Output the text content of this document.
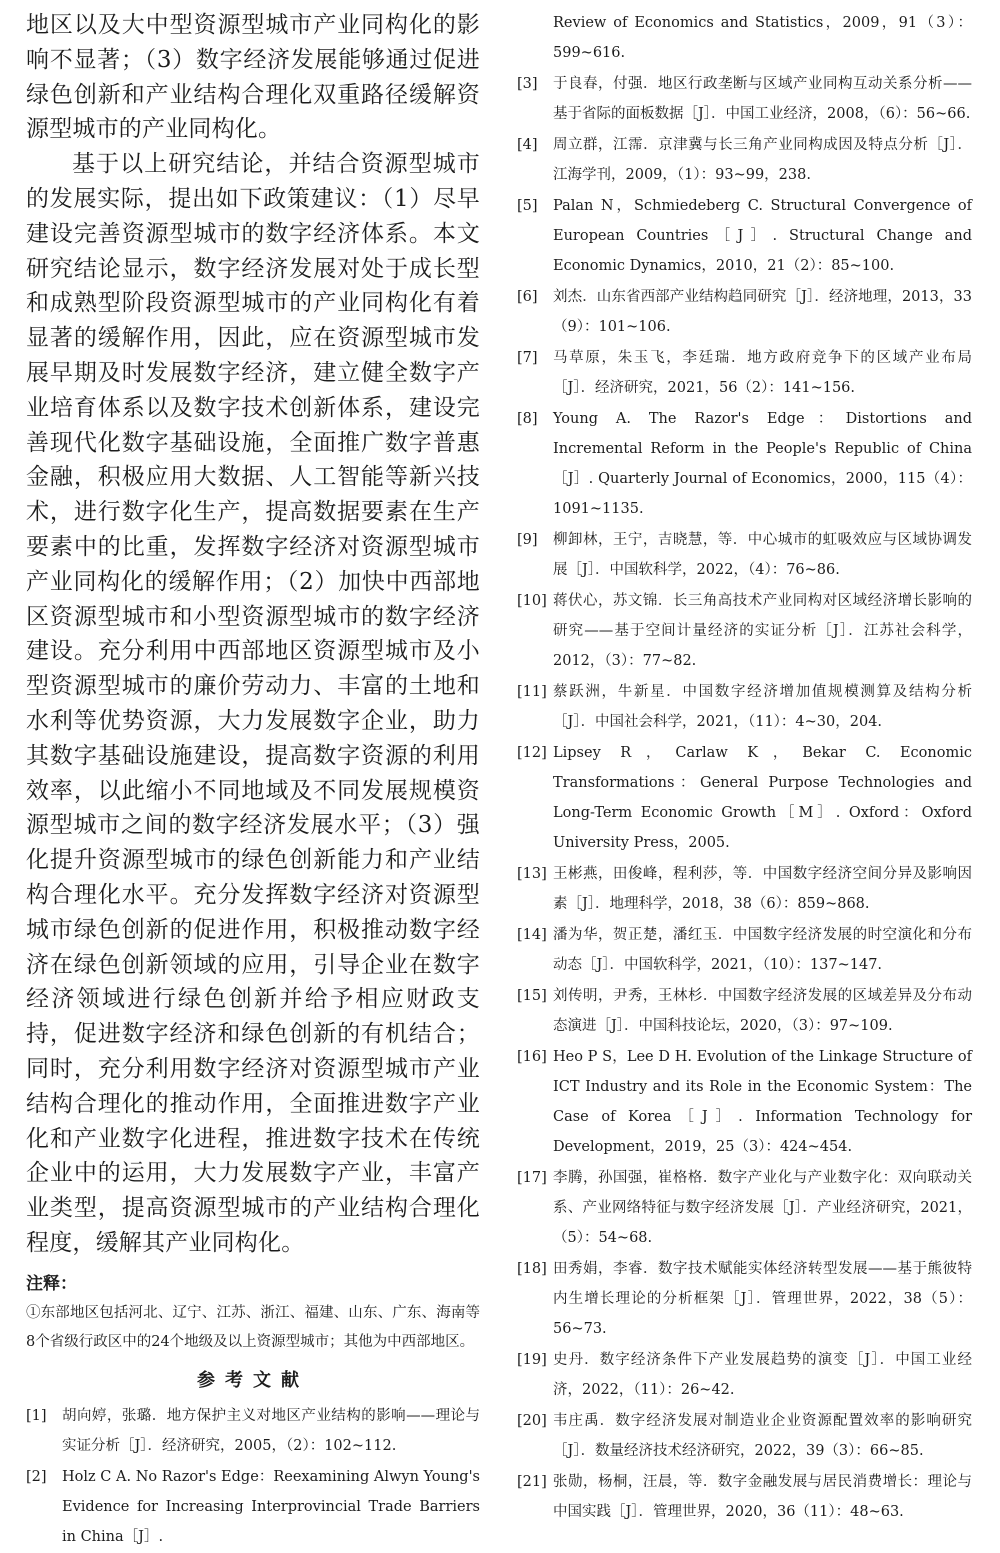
地区以及大中型资源型城市产业同构化的影响不显著；（3）数字经济发展能够通过促进绿色创新和产业结构合理化双重路径缓解资源型城市的产业同构化。

基于以上研究结论，并结合资源型城市的发展实际，提出如下政策建议：（1）尽早建设完善资源型城市的数字经济体系。本文研究结论显示，数字经济发展对处于成长型和成熟型阶段资源型城市的产业同构化有着显著的缓解作用，因此，应在资源型城市发展早期及时发展数字经济，建立健全数字产业培育体系以及数字技术创新体系，建设完善现代化数字基础设施，全面推广数字普惠金融，积极应用大数据、人工智能等新兴技术，进行数字化生产，提高数据要素在生产要素中的比重，发挥数字经济对资源型城市产业同构化的缓解作用；（2）加快中西部地区资源型城市和小型资源型城市的数字经济建设。充分利用中西部地区资源型城市及小型资源型城市的廉价劳动力、丰富的土地和水利等优势资源，大力发展数字企业，助力其数字基础设施建设，提高数字资源的利用效率，以此缩小不同地域及不同发展规模资源型城市之间的数字经济发展水平；（3）强化提升资源型城市的绿色创新能力和产业结构合理化水平。充分发挥数字经济对资源型城市绿色创新的促进作用，积极推动数字经济在绿色创新领域的应用，引导企业在数字经济领域进行绿色创新并给予相应财政支持，促进数字经济和绿色创新的有机结合；同时，充分利用数字经济对资源型城市产业结构合理化的推动作用，全面推进数字产业化和产业数字化进程，推进数字技术在传统企业中的运用，大力发展数字产业，丰富产业类型，提高资源型城市的产业结构合理化程度，缓解其产业同构化。

注释：

①东部地区包括河北、辽宁、江苏、浙江、福建、山东、广东、海南等8个省级行政区中的24个地级及以上资源型城市；其他为中西部地区。

参考文献
[1]	胡向婷，张璐．地方保护主义对地区产业结构的影响——理论与实证分析［J］．经济研究，2005，（2）：102~112.
[2]	Holz C A. No Razor's Edge：Reexamining Alwyn Young's Evidence for Increasing Interprovincial Trade Barriers in China［J］.
Review of Economics and Statistics，2009，91（3）：599~616.
[3]	于良春，付强．地区行政垄断与区域产业同构互动关系分析——基于省际的面板数据［J］．中国工业经济，2008，（6）：56~66.
[4]	周立群，江霈．京津冀与长三角产业同构成因及特点分析［J］．江海学刊，2009，（1）：93~99，238.
[5]	Palan N，Schmiedeberg C. Structural Convergence of European Countries［J］. Structural Change and Economic Dynamics，2010，21（2）：85~100.
[6]	刘杰．山东省西部产业结构趋同研究［J］．经济地理，2013，33（9）：101~106.
[7]	马草原，朱玉飞，李廷瑞．地方政府竞争下的区域产业布局［J］．经济研究，2021，56（2）：141~156.
[8]	Young A. The Razor's Edge：Distortions and Incremental Reform in the People's Republic of China［J］. Quarterly Journal of Economics，2000，115（4）：1091~1135.
[9]	柳卸林，王宁，吉晓慧，等．中心城市的虹吸效应与区域协调发展［J］．中国软科学，2022，（4）：76~86.
[10] 蒋伏心，苏文锦．长三角高技术产业同构对区域经济增长影响的研究——基于空间计量经济的实证分析［J］．江苏社会科学，2012，（3）：77~82.
[11] 蔡跃洲，牛新星．中国数字经济增加值规模测算及结构分析［J］．中国社会科学，2021，（11）：4~30，204.
[12] Lipsey R，Carlaw K，Bekar C. Economic Transformations：General Purpose Technologies and Long-Term Economic Growth［M］. Oxford：Oxford University Press，2005.
[13] 王彬燕，田俊峰，程利莎，等．中国数字经济空间分异及影响因素［J］．地理科学，2018，38（6）：859~868.
[14] 潘为华，贺正楚，潘红玉．中国数字经济发展的时空演化和分布动态［J］．中国软科学，2021，（10）：137~147.
[15] 刘传明，尹秀，王林杉．中国数字经济发展的区域差异及分布动态演进［J］．中国科技论坛，2020，（3）：97~109.
[16] Heo P S，Lee D H. Evolution of the Linkage Structure of ICT Industry and its Role in the Economic System：The Case of Korea［J］. Information Technology for Development，2019，25（3）：424~454.
[17] 李腾，孙国强，崔格格．数字产业化与产业数字化：双向联动关系、产业网络特征与数字经济发展［J］．产业经济研究，2021，（5）：54~68.
[18] 田秀娟，李睿．数字技术赋能实体经济转型发展——基于熊彼特内生增长理论的分析框架［J］．管理世界，2022，38（5）：56~73.
[19] 史丹．数字经济条件下产业发展趋势的演变［J］．中国工业经济，2022，（11）：26~42.
[20] 韦庄禹．数字经济发展对制造业企业资源配置效率的影响研究［J］．数量经济技术经济研究，2022，39（3）：66~85.
[21] 张勋，杨桐，汪晨，等．数字金融发展与居民消费增长：理论与中国实践［J］．管理世界，2020，36（11）：48~63.
